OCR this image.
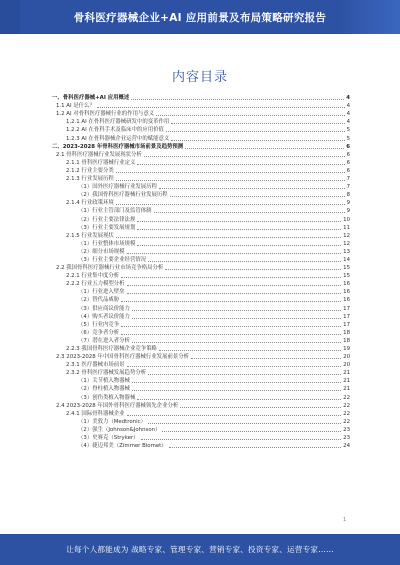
骨科医疗器械企业+AI 应用前景及布局策略研究报告
内容目录
一、骨科医疗器械+AI 应用概述	4
1.1 AI 是什么？	4
1.2 AI 对骨科医疗器械行业的作用与意义	4
1.2.1 AI 在骨科医疗器械研发中的变革作用	4
1.2.2 AI 在骨科手术及临床中的应用价值	5
1.2.3 AI 在骨科器械企业运营中的赋能意义	5
二、2023-2028 年骨科医疗器械市场前景及趋势预测	6
2.1 骨科医疗器械行业发展现状分析	6
2.1.1 骨科医疗器械行业定义	6
2.1.2 行业主要分类	6
2.1.3 行业发展历程	7
（1）国外医疗器械行业发展历程	7
（2）我国骨科医疗器械行业发展历程	8
2.1.4 行业政策环境	9
（1）行业主管部门及监管体制	9
（2）行业主要法律法规	10
（3）行业主要发展规划	11
2.1.5 行业发展现状	12
（1）行业整体市场规模	12
（2）细分市场规模	13
（3）行业主要企业经营情况	14
2.2 我国骨科医疗器械行业市场竞争格局分析	15
2.2.1 行业集中度分析	15
2.2.2 行业五力模型分析	16
（1）行业进入壁垒	16
（2）替代品威胁	16
（3）供应商议价能力	17
（4）购买者议价能力	17
（5）行业内竞争	17
（6）竞争者分析	18
（7）潜在进入者分析	18
2.2.3 我国骨科医疗器械企业竞争策略	19
2.3 2023-2028 年中国骨科医疗器械行业发展前景分析	20
2.3.1 医疗器械市场前景	20
2.3.2 骨科医疗器械发展趋势分析	21
（1）关节植入物器械	21
（2）脊柱植入物器械	21
（3）创伤类植入物器械	22
2.4 2023-2028 年国外骨科医疗器械领先企业分析	22
2.4.1 国际骨科器械企业	22
（1）美敦力（Medtronic）	22
（2）强生（Johnson&Johnson）	23
（3）史赛克（Stryker）	23
（4）捷迈邦美（Zimmer Biomet）	24
1
让每个人都能成为 战略专家、管理专家、营销专家、投资专家、运营专家……
